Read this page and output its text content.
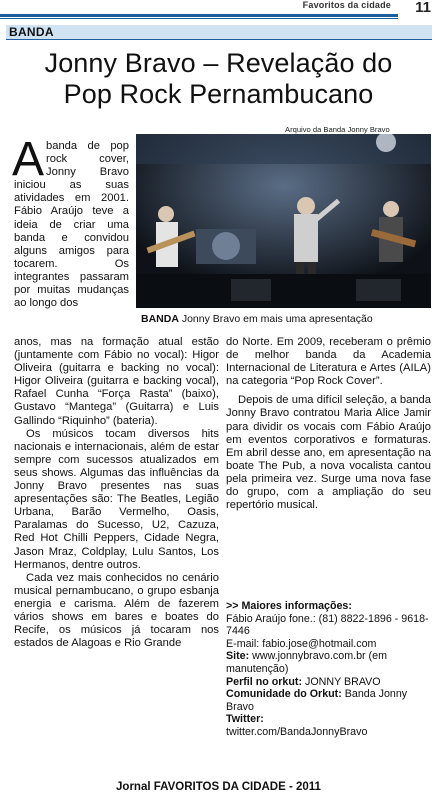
Favoritos da cidade 11
BANDA
Jonny Bravo – Revelação do
Pop Rock Pernambucano
Arquivo da Banda Jonny Bravo
BANDA Jonny Bravo em mais uma apresentação
A banda de pop rock cover, Jonny Bravo iniciou as suas atividades em 2001. Fábio Araújo teve a ideia de criar uma banda e convidou alguns amigos para tocarem. Os integrantes passaram por muitas mudanças ao longo dos

anos, mas na formação atual estão (juntamente com Fábio no vocal): Higor Oliveira (guitarra e backing no vocal): Higor Oliveira (guitarra e backing vocal), Rafael Cunha “Força Rasta” (baixo), Gustavo “Mantega” (Guitarra) e Luis Gallindo “Riquinho” (bateria).

Os músicos tocam diversos hits nacionais e internacionais, além de estar sempre com sucessos atualizados em seus shows. Algumas das influências da Jonny Bravo presentes nas suas apresentações são: The Beatles, Legião Urbana, Barão Vermelho, Oasis, Paralamas do Sucesso, U2, Cazuza, Red Hot Chilli Peppers, Cidade Negra, Jason Mraz, Coldplay, Lulu Santos, Los Hermanos, dentre outros.

Cada vez mais conhecidos no cenário musical pernambucano, o grupo esbanja energia e carisma. Além de fazerem vários shows em bares e boates do Recife, os músicos já tocaram nos estados de Alagoas e Rio Grande

do Norte. Em 2009, receberam o prêmio de melhor banda da Academia Internacional de Literatura e Artes (AILA) na categoria “Pop Rock Cover”.

Depois de uma difícil seleção, a banda Jonny Bravo contratou Maria Alice Jamir para dividir os vocais com Fábio Araújo em eventos corporativos e formaturas. Em abril desse ano, em apresentação na boate The Pub, a nova vocalista cantou pela primeira vez. Surge uma nova fase do grupo, com a ampliação do seu repertório musical.

>> Maiores informações:
Fábio Araújo fone.: (81) 8822-1896 - 9618-7446
E-mail: fabio.jose@hotmail.com
Site: www.jonnybravo.com.br (em manutenção)
Perfil no orkut: JONNY BRAVO
Comunidade do Orkut: Banda Jonny Bravo
Twitter:
twitter.com/BandaJonnyBravo
Jornal FAVORITOS DA CIDADE - 2011
